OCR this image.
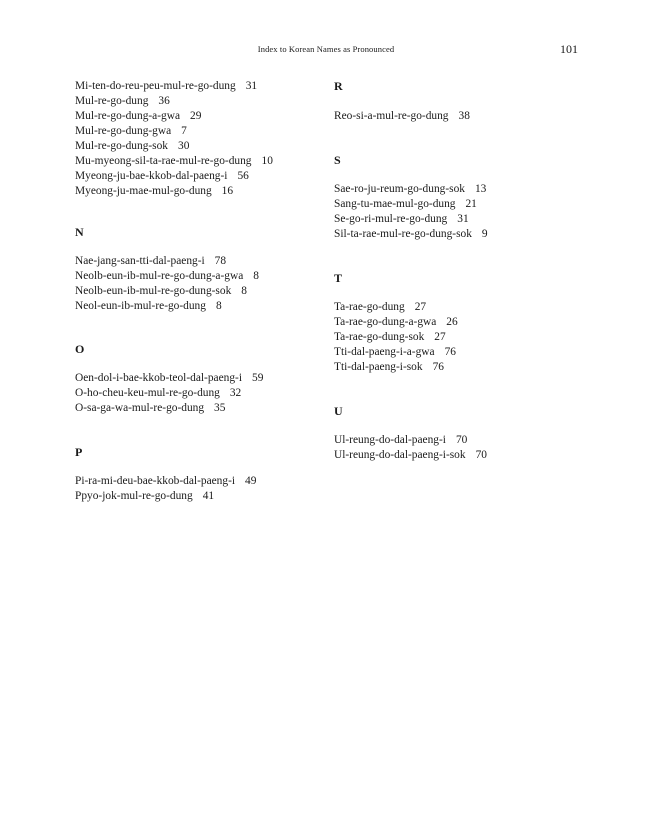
Index to Korean Names as Pronounced	101
Mi-ten-do-reu-peu-mul-re-go-dung 31
Mul-re-go-dung 36
Mul-re-go-dung-a-gwa 29
Mul-re-go-dung-gwa 7
Mul-re-go-dung-sok 30
Mu-myeong-sil-ta-rae-mul-re-go-dung 10
Myeong-ju-bae-kkob-dal-paeng-i 56
Myeong-ju-mae-mul-go-dung 16
N
Nae-jang-san-tti-dal-paeng-i 78
Neolb-eun-ib-mul-re-go-dung-a-gwa 8
Neolb-eun-ib-mul-re-go-dung-sok 8
Neol-eun-ib-mul-re-go-dung 8
O
Oen-dol-i-bae-kkob-teol-dal-paeng-i 59
O-ho-cheu-keu-mul-re-go-dung 32
O-sa-ga-wa-mul-re-go-dung 35
P
Pi-ra-mi-deu-bae-kkob-dal-paeng-i 49
Ppyo-jok-mul-re-go-dung 41
R
Reo-si-a-mul-re-go-dung 38
S
Sae-ro-ju-reum-go-dung-sok 13
Sang-tu-mae-mul-go-dung 21
Se-go-ri-mul-re-go-dung 31
Sil-ta-rae-mul-re-go-dung-sok 9
T
Ta-rae-go-dung 27
Ta-rae-go-dung-a-gwa 26
Ta-rae-go-dung-sok 27
Tti-dal-paeng-i-a-gwa 76
Tti-dal-paeng-i-sok 76
U
Ul-reung-do-dal-paeng-i 70
Ul-reung-do-dal-paeng-i-sok 70
